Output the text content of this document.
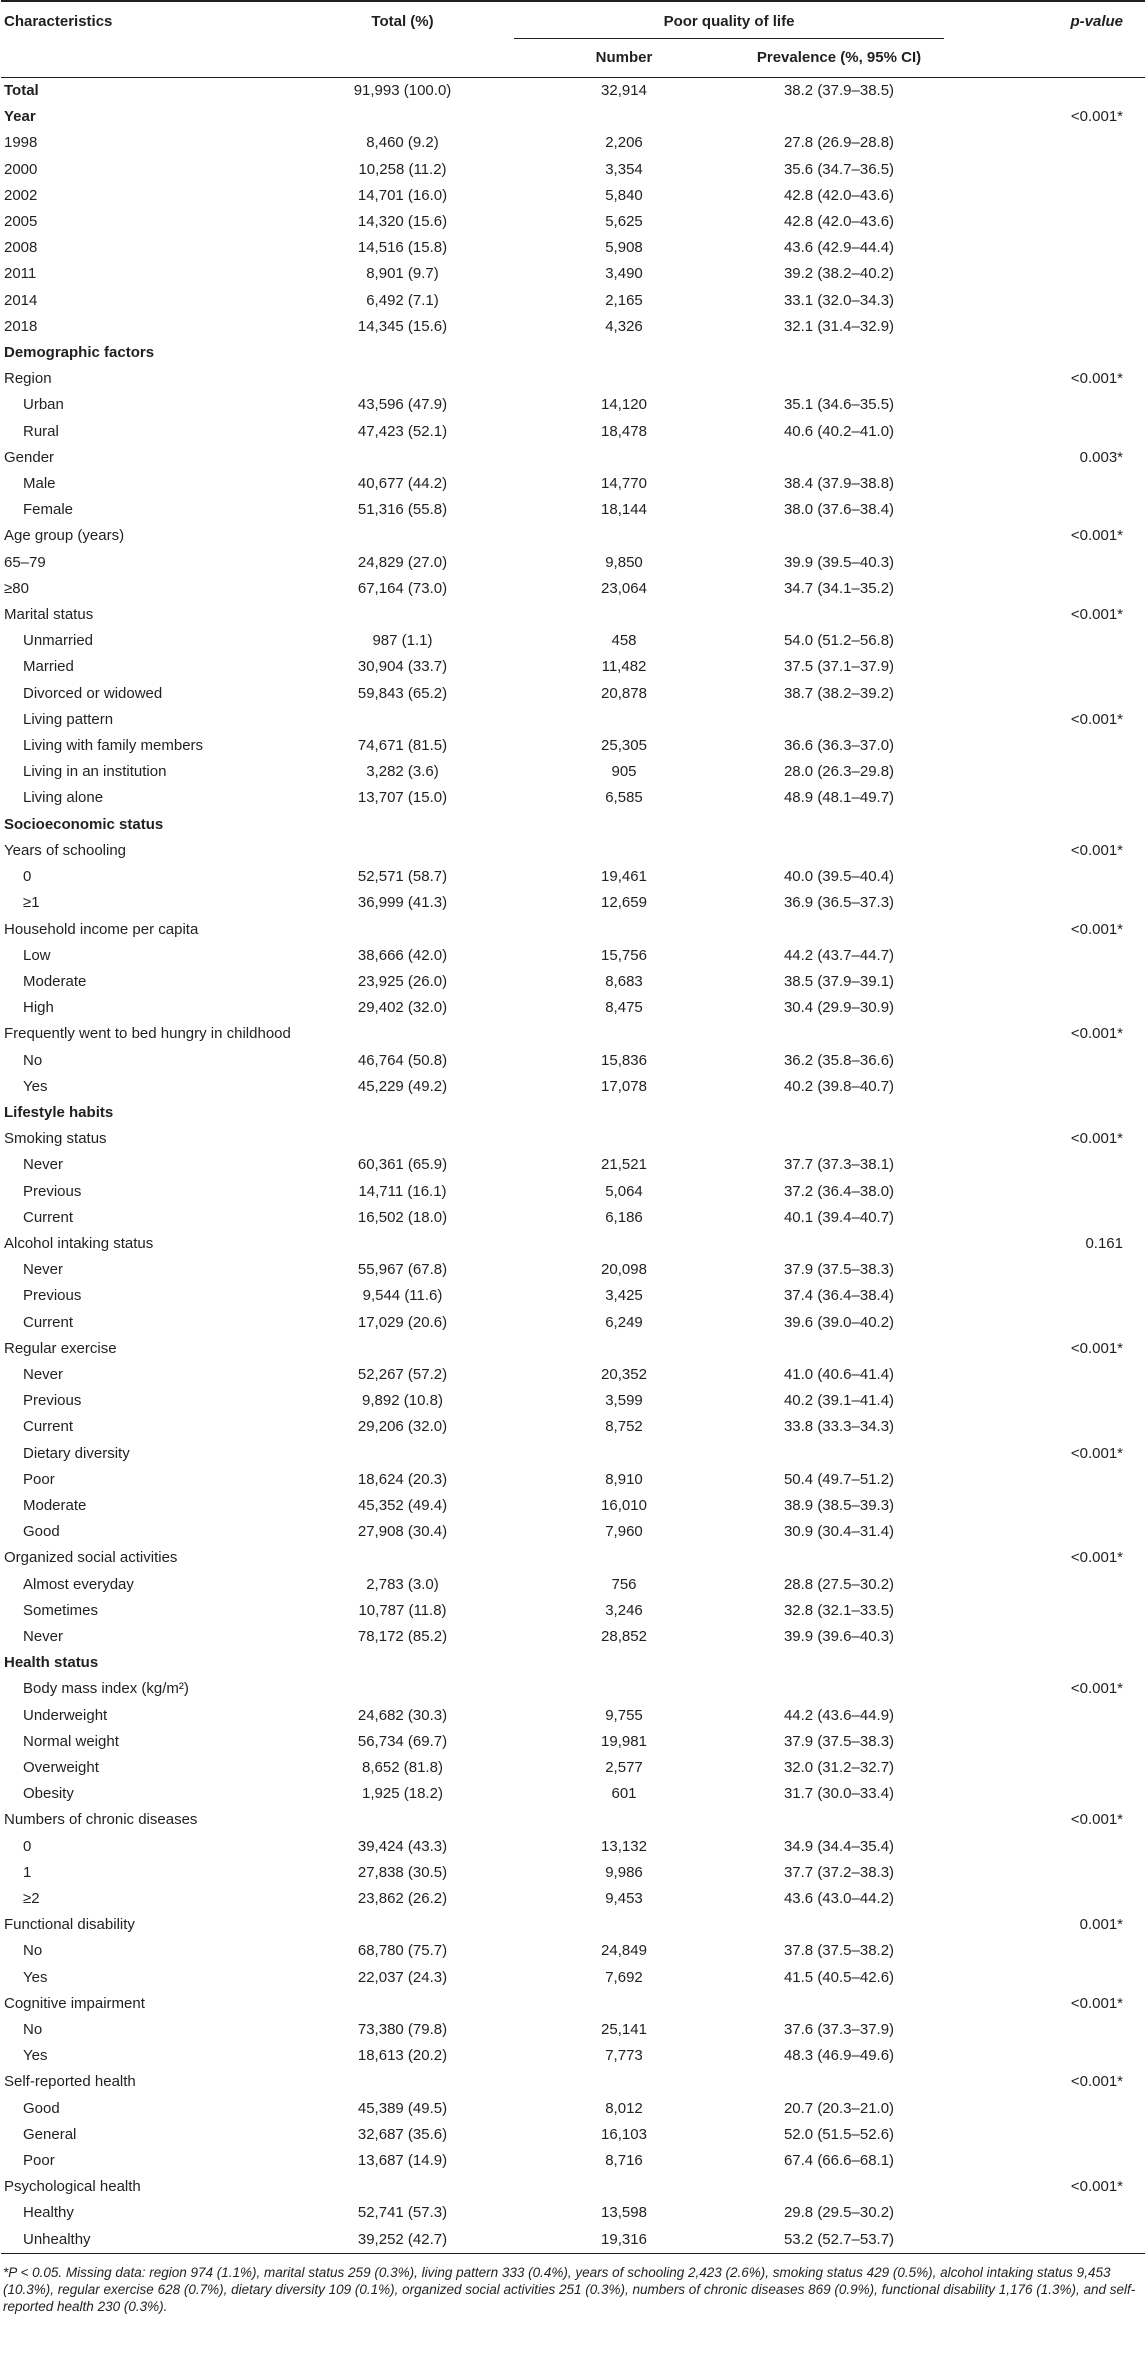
Characteristics	Total (%)	Poor quality of life		p-value
		Number	Prevalence (%, 95% CI)	
Total	91,993 (100.0)	32,914	38.2 (37.9–38.5)	
Year				<0.001*
1998	8,460 (9.2)	2,206	27.8 (26.9–28.8)	
2000	10,258 (11.2)	3,354	35.6 (34.7–36.5)	
2002	14,701 (16.0)	5,840	42.8 (42.0–43.6)	
2005	14,320 (15.6)	5,625	42.8 (42.0–43.6)	
2008	14,516 (15.8)	5,908	43.6 (42.9–44.4)	
2011	8,901 (9.7)	3,490	39.2 (38.2–40.2)	
2014	6,492 (7.1)	2,165	33.1 (32.0–34.3)	
2018	14,345 (15.6)	4,326	32.1 (31.4–32.9)	
Demographic factors				
Region				<0.001*
Urban	43,596 (47.9)	14,120	35.1 (34.6–35.5)	
Rural	47,423 (52.1)	18,478	40.6 (40.2–41.0)	
Gender				0.003*
Male	40,677 (44.2)	14,770	38.4 (37.9–38.8)	
Female	51,316 (55.8)	18,144	38.0 (37.6–38.4)	
Age group (years)				<0.001*
65–79	24,829 (27.0)	9,850	39.9 (39.5–40.3)	
≥80	67,164 (73.0)	23,064	34.7 (34.1–35.2)	
Marital status				<0.001*
Unmarried	987 (1.1)	458	54.0 (51.2–56.8)	
Married	30,904 (33.7)	11,482	37.5 (37.1–37.9)	
Divorced or widowed	59,843 (65.2)	20,878	38.7 (38.2–39.2)	
Living pattern				<0.001*
Living with family members	74,671 (81.5)	25,305	36.6 (36.3–37.0)	
Living in an institution	3,282 (3.6)	905	28.0 (26.3–29.8)	
Living alone	13,707 (15.0)	6,585	48.9 (48.1–49.7)	
Socioeconomic status				
Years of schooling				<0.001*
0	52,571 (58.7)	19,461	40.0 (39.5–40.4)	
≥1	36,999 (41.3)	12,659	36.9 (36.5–37.3)	
Household income per capita				<0.001*
Low	38,666 (42.0)	15,756	44.2 (43.7–44.7)	
Moderate	23,925 (26.0)	8,683	38.5 (37.9–39.1)	
High	29,402 (32.0)	8,475	30.4 (29.9–30.9)	
Frequently went to bed hungry in childhood				<0.001*
No	46,764 (50.8)	15,836	36.2 (35.8–36.6)	
Yes	45,229 (49.2)	17,078	40.2 (39.8–40.7)	
Lifestyle habits				
Smoking status				<0.001*
Never	60,361 (65.9)	21,521	37.7 (37.3–38.1)	
Previous	14,711 (16.1)	5,064	37.2 (36.4–38.0)	
Current	16,502 (18.0)	6,186	40.1 (39.4–40.7)	
Alcohol intaking status				0.161
Never	55,967 (67.8)	20,098	37.9 (37.5–38.3)	
Previous	9,544 (11.6)	3,425	37.4 (36.4–38.4)	
Current	17,029 (20.6)	6,249	39.6 (39.0–40.2)	
Regular exercise				<0.001*
Never	52,267 (57.2)	20,352	41.0 (40.6–41.4)	
Previous	9,892 (10.8)	3,599	40.2 (39.1–41.4)	
Current	29,206 (32.0)	8,752	33.8 (33.3–34.3)	
Dietary diversity				<0.001*
Poor	18,624 (20.3)	8,910	50.4 (49.7–51.2)	
Moderate	45,352 (49.4)	16,010	38.9 (38.5–39.3)	
Good	27,908 (30.4)	7,960	30.9 (30.4–31.4)	
Organized social activities				<0.001*
Almost everyday	2,783 (3.0)	756	28.8 (27.5–30.2)	
Sometimes	10,787 (11.8)	3,246	32.8 (32.1–33.5)	
Never	78,172 (85.2)	28,852	39.9 (39.6–40.3)	
Health status				
Body mass index (kg/m²)				<0.001*
Underweight	24,682 (30.3)	9,755	44.2 (43.6–44.9)	
Normal weight	56,734 (69.7)	19,981	37.9 (37.5–38.3)	
Overweight	8,652 (81.8)	2,577	32.0 (31.2–32.7)	
Obesity	1,925 (18.2)	601	31.7 (30.0–33.4)	
Numbers of chronic diseases				<0.001*
0	39,424 (43.3)	13,132	34.9 (34.4–35.4)	
1	27,838 (30.5)	9,986	37.7 (37.2–38.3)	
≥2	23,862 (26.2)	9,453	43.6 (43.0–44.2)	
Functional disability				0.001*
No	68,780 (75.7)	24,849	37.8 (37.5–38.2)	
Yes	22,037 (24.3)	7,692	41.5 (40.5–42.6)	
Cognitive impairment				<0.001*
No	73,380 (79.8)	25,141	37.6 (37.3–37.9)	
Yes	18,613 (20.2)	7,773	48.3 (46.9–49.6)	
Self-reported health				<0.001*
Good	45,389 (49.5)	8,012	20.7 (20.3–21.0)	
General	32,687 (35.6)	16,103	52.0 (51.5–52.6)	
Poor	13,687 (14.9)	8,716	67.4 (66.6–68.1)	
Psychological health				<0.001*
Healthy	52,741 (57.3)	13,598	29.8 (29.5–30.2)	
Unhealthy	39,252 (42.7)	19,316	53.2 (52.7–53.7)	
*P < 0.05. Missing data: region 974 (1.1%), marital status 259 (0.3%), living pattern 333 (0.4%), years of schooling 2,423 (2.6%), smoking status 429 (0.5%), alcohol intaking status 9,453 (10.3%), regular exercise 628 (0.7%), dietary diversity 109 (0.1%), organized social activities 251 (0.3%), numbers of chronic diseases 869 (0.9%), functional disability 1,176 (1.3%), and self-reported health 230 (0.3%).
